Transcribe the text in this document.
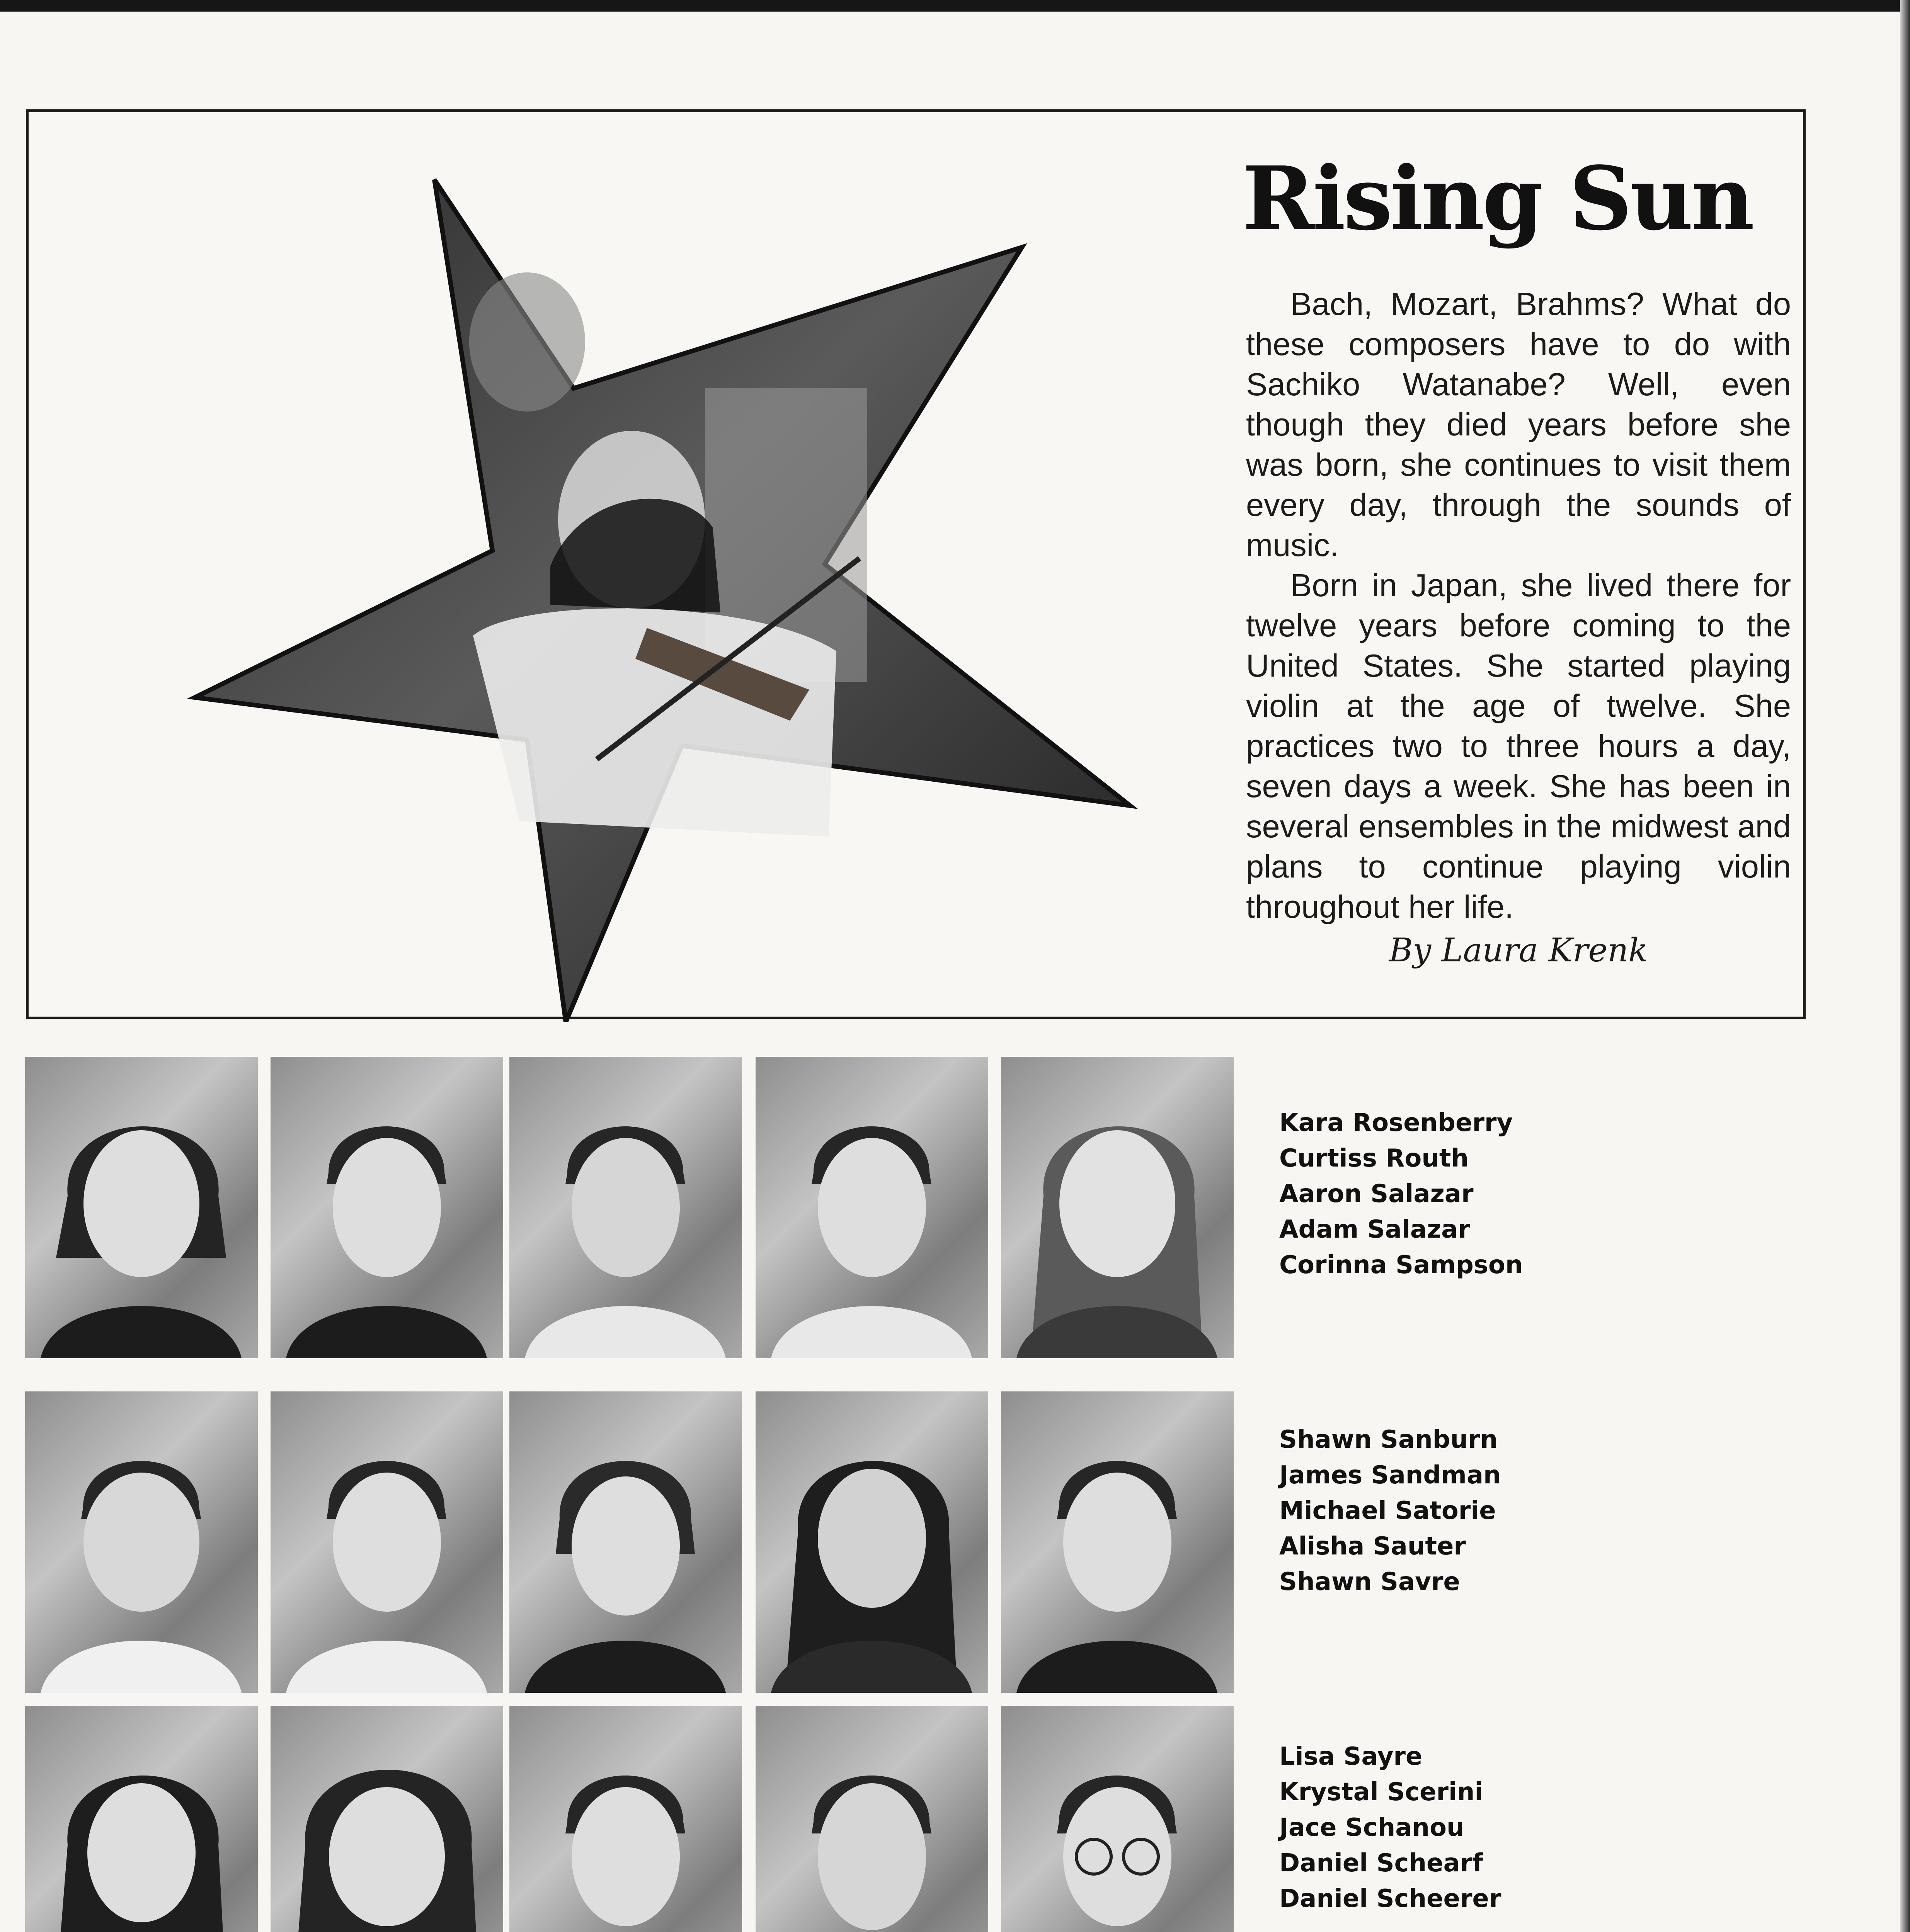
Rising Sun

Bach, Mozart, Brahms? What do these composers have to do with Sachiko Watanabe? Well, even though they died years before she was born, she continues to visit them every day, through the sounds of music.

Born in Japan, she lived there for twelve years before coming to the United States. She started playing violin at the age of twelve. She practices two to three hours a day, seven days a week. She has been in several ensembles in the midwest and plans to continue playing violin throughout her life.

By Laura Krenk
Kara Rosenberry
Curtiss Routh
Aaron Salazar
Adam Salazar
Corinna Sampson
Shawn Sanburn
James Sandman
Michael Satorie
Alisha Sauter
Shawn Savre
Lisa Sayre
Krystal Scerini
Jace Schanou
Daniel Schearf
Daniel Scheerer
